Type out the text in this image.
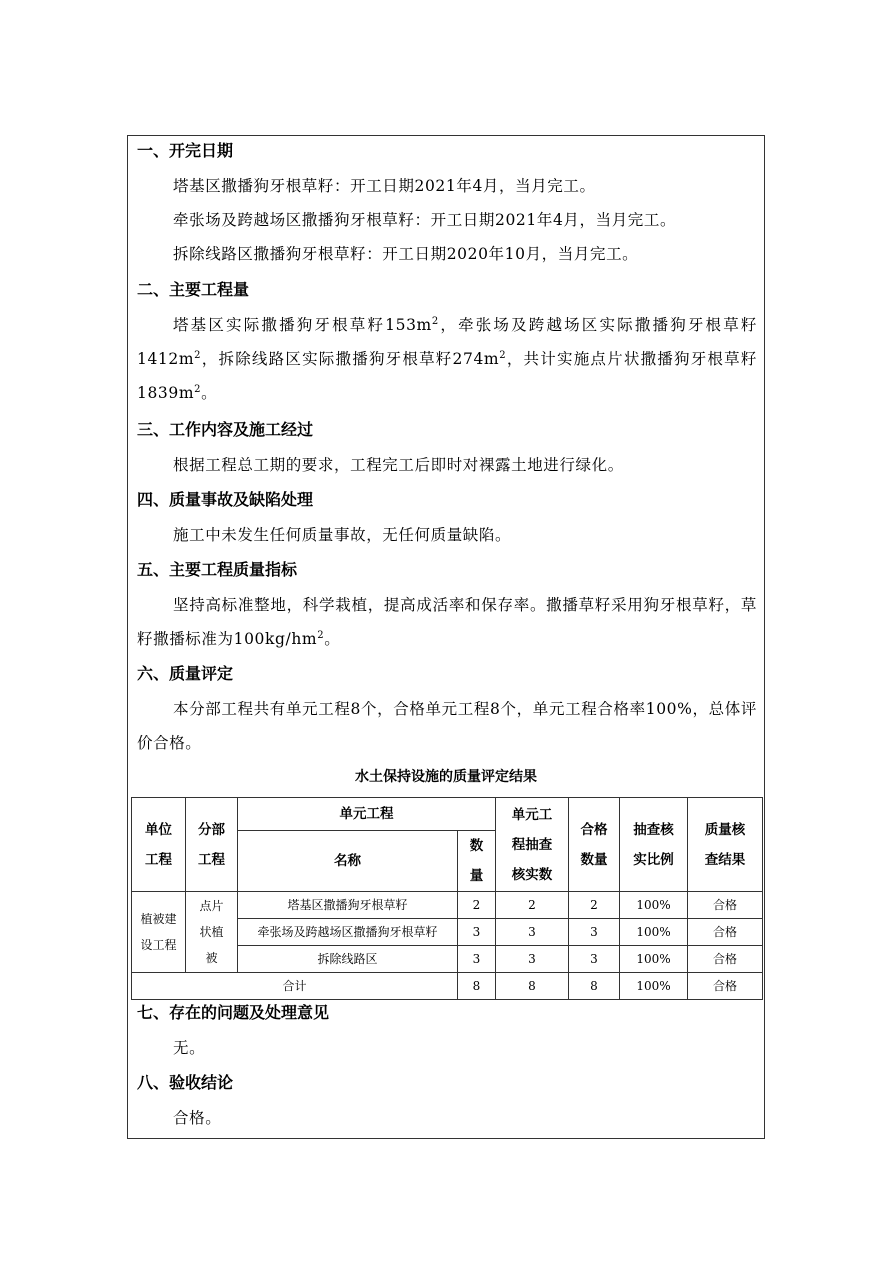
一、开完日期
塔基区撒播狗牙根草籽：开工日期2021年4月，当月完工。
牵张场及跨越场区撒播狗牙根草籽：开工日期2021年4月，当月完工。
拆除线路区撒播狗牙根草籽：开工日期2020年10月，当月完工。
二、主要工程量
塔基区实际撒播狗牙根草籽$153m^2$，牵张场及跨越场区实际撒播狗牙根草籽$1412m^2$，拆除线路区实际撒播狗牙根草籽$274m^2$，共计实施点片状撒播狗牙根草籽$1839m^2$。
三、工作内容及施工经过
根据工程总工期的要求，工程完工后即时对裸露土地进行绿化。
四、质量事故及缺陷处理
施工中未发生任何质量事故，无任何质量缺陷。
五、主要工程质量指标
坚持高标准整地，科学栽植，提高成活率和保存率。撒播草籽采用狗牙根草籽，草籽撒播标准为$100kg/hm^2$。
六、质量评定
本分部工程共有单元工程8个，合格单元工程8个，单元工程合格率100%，总体评价合格。
水土保持设施的质量评定结果
单位工程	分部工程	单元工程		单元工程抽查核实数	合格数量	抽查核实比例	质量核查结果
		名称	数量				
植被建设工程	点片状植被	塔基区撒播狗牙根草籽	2	2	2	100%	合格
		牵张场及跨越场区撒播狗牙根草籽	3	3	3	100%	合格
		拆除线路区	3	3	3	100%	合格
合计			8	8	8	100%	合格
七、存在的问题及处理意见
无。
八、验收结论
合格。
